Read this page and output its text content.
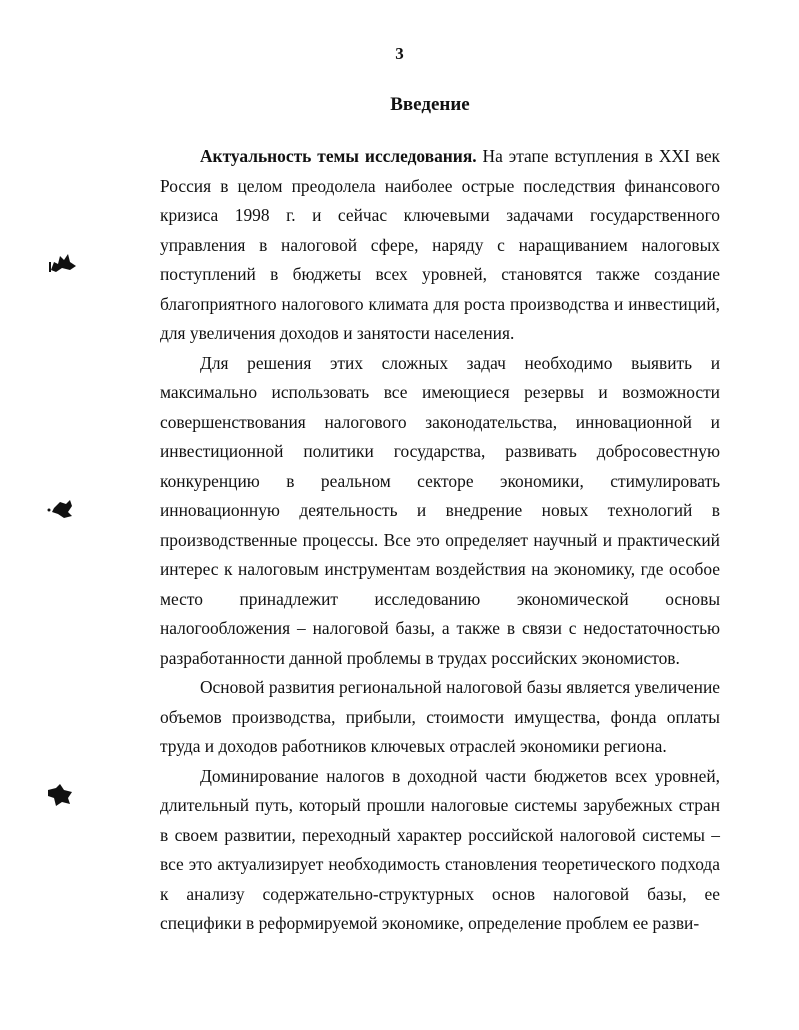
3
Введение

Актуальность темы исследования. На этапе вступления в XXI век Россия в целом преодолела наиболее острые последствия финансового кризиса 1998 г. и сейчас ключевыми задачами государственного управления в налоговой сфере, наряду с наращиванием налоговых поступлений в бюджеты всех уровней, становятся также создание благоприятного налогового климата для роста производства и инвестиций, для увеличения доходов и занятости населения.

Для решения этих сложных задач необходимо выявить и максимально использовать все имеющиеся резервы и возможности совершенствования налогового законодательства, инновационной и инвестиционной политики государства, развивать добросовестную конкуренцию в реальном секторе экономики, стимулировать инновационную деятельность и внедрение новых технологий в производственные процессы. Все это определяет научный и практический интерес к налоговым инструментам воздействия на экономику, где особое место принадлежит исследованию экономической основы налогообложения – налоговой базы, а также в связи с недостаточностью разработанности данной проблемы в трудах российских экономистов.

Основой развития региональной налоговой базы является увеличение объемов производства, прибыли, стоимости имущества, фонда оплаты труда и доходов работников ключевых отраслей экономики региона.

Доминирование налогов в доходной части бюджетов всех уровней, длительный путь, который прошли налоговые системы зарубежных стран в своем развитии, переходный характер российской налоговой системы – все это актуализирует необходимость становления теоретического подхода к анализу содержательно-структурных основ налоговой базы, ее специфики в реформируемой экономике, определение проблем ее разви-
